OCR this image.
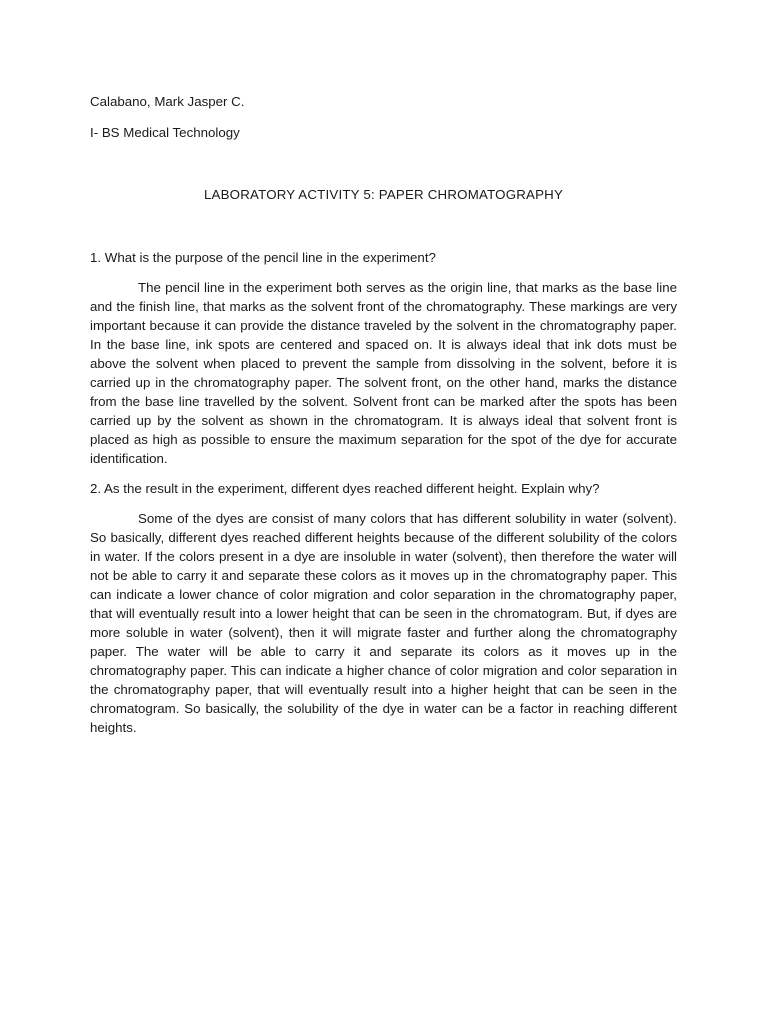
Calabano, Mark Jasper C.

I- BS Medical Technology

LABORATORY ACTIVITY 5: PAPER CHROMATOGRAPHY

1. What is the purpose of the pencil line in the experiment?

The pencil line in the experiment both serves as the origin line, that marks as the base line and the finish line, that marks as the solvent front of the chromatography. These markings are very important because it can provide the distance traveled by the solvent in the chromatography paper. In the base line, ink spots are centered and spaced on. It is always ideal that ink dots must be above the solvent when placed to prevent the sample from dissolving in the solvent, before it is carried up in the chromatography paper. The solvent front, on the other hand, marks the distance from the base line travelled by the solvent. Solvent front can be marked after the spots has been carried up by the solvent as shown in the chromatogram. It is always ideal that solvent front is placed as high as possible to ensure the maximum separation for the spot of the dye for accurate identification.

2. As the result in the experiment, different dyes reached different height. Explain why?

Some of the dyes are consist of many colors that has different solubility in water (solvent). So basically, different dyes reached different heights because of the different solubility of the colors in water. If the colors present in a dye are insoluble in water (solvent), then therefore the water will not be able to carry it and separate these colors as it moves up in the chromatography paper. This can indicate a lower chance of color migration and color separation in the chromatography paper, that will eventually result into a lower height that can be seen in the chromatogram. But, if dyes are more soluble in water (solvent), then it will migrate faster and further along the chromatography paper. The water will be able to carry it and separate its colors as it moves up in the chromatography paper. This can indicate a higher chance of color migration and color separation in the chromatography paper, that will eventually result into a higher height that can be seen in the chromatogram. So basically, the solubility of the dye in water can be a factor in reaching different heights.
